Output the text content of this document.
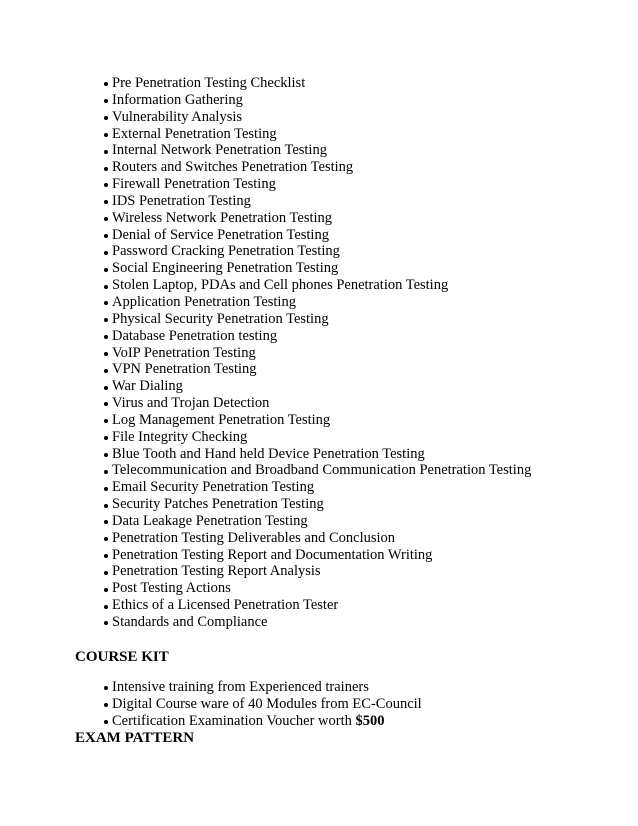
Pre Penetration Testing Checklist
Information Gathering
Vulnerability Analysis
External Penetration Testing
Internal Network Penetration Testing
Routers and Switches Penetration Testing
Firewall Penetration Testing
IDS Penetration Testing
Wireless Network Penetration Testing
Denial of Service Penetration Testing
Password Cracking Penetration Testing
Social Engineering Penetration Testing
Stolen Laptop, PDAs and Cell phones Penetration Testing
Application Penetration Testing
Physical Security Penetration Testing
Database Penetration testing
VoIP Penetration Testing
VPN Penetration Testing
War Dialing
Virus and Trojan Detection
Log Management Penetration Testing
File Integrity Checking
Blue Tooth and Hand held Device Penetration Testing
Telecommunication and Broadband Communication Penetration Testing
Email Security Penetration Testing
Security Patches Penetration Testing
Data Leakage Penetration Testing
Penetration Testing Deliverables and Conclusion
Penetration Testing Report and Documentation Writing
Penetration Testing Report Analysis
Post Testing Actions
Ethics of a Licensed Penetration Tester
Standards and Compliance
COURSE KIT
Intensive training from Experienced trainers
Digital Course ware of 40 Modules from EC-Council
Certification Examination Voucher worth $500
EXAM PATTERN
